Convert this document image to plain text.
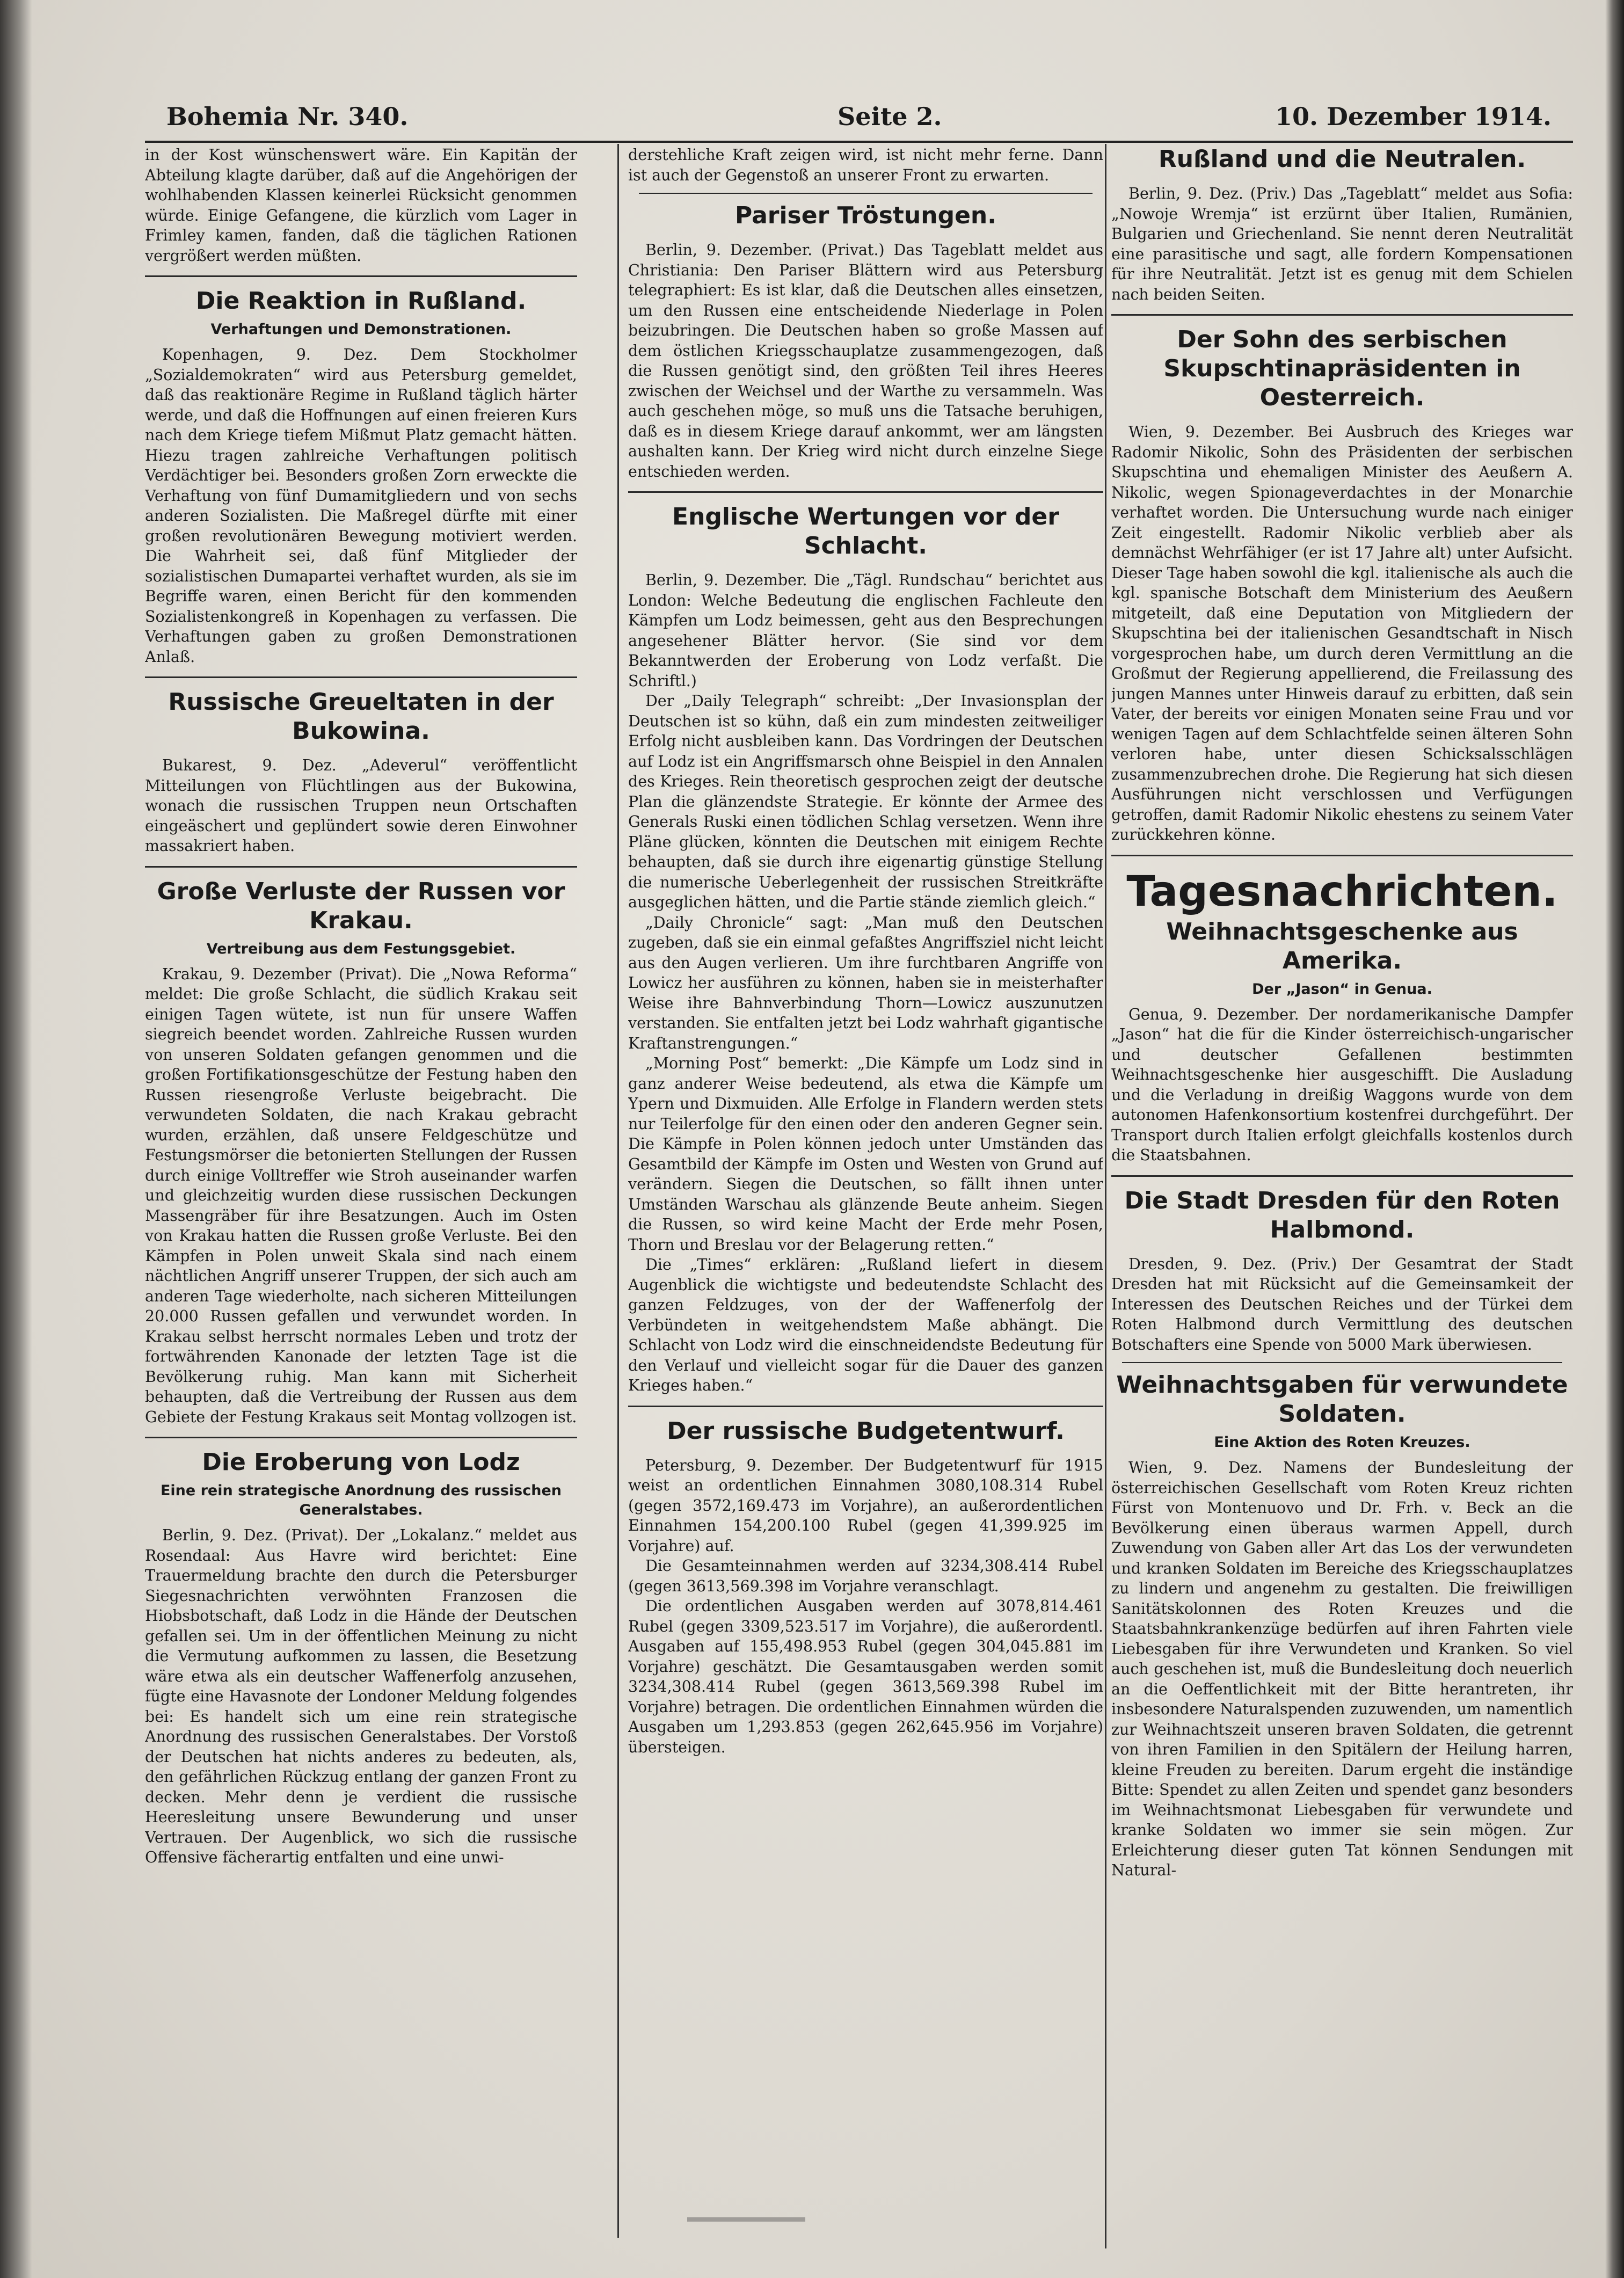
Bohemia Nr. 340.	Seite 2.	10. Dezember 1914.

in der Kost wünschenswert wäre. Ein Kapitän der Abteilung klagte darüber, daß auf die Angehörigen der wohlhabenden Klassen keinerlei Rücksicht genommen würde. Einige Gefangene, die kürzlich vom Lager in Frimley kamen, fanden, daß die täglichen Rationen vergrößert werden müßten.

Die Reaktion in Rußland.
Verhaftungen und Demonstrationen.

Kopenhagen, 9. Dez. Dem Stockholmer „Sozialdemokraten“ wird aus Petersburg gemeldet, daß das reaktionäre Regime in Rußland täglich härter werde, und daß die Hoffnungen auf einen freieren Kurs nach dem Kriege tiefem Mißmut Platz gemacht hätten. Hiezu tragen zahlreiche Verhaftungen politisch Verdächtiger bei. Besonders großen Zorn erweckte die Verhaftung von fünf Dumamitgliedern und von sechs anderen Sozialisten. Die Maßregel dürfte mit einer großen revolutionären Bewegung motiviert werden. Die Wahrheit sei, daß fünf Mitglieder der sozialistischen Dumapartei verhaftet wurden, als sie im Begriffe waren, einen Bericht für den kommenden Sozialistenkongreß in Kopenhagen zu verfassen. Die Verhaftungen gaben zu großen Demonstrationen Anlaß.

Russische Greueltaten in der Bukowina.

Bukarest, 9. Dez. „Adeverul“ veröffentlicht Mitteilungen von Flüchtlingen aus der Bukowina, wonach die russischen Truppen neun Ortschaften eingeäschert und geplündert sowie deren Einwohner massakriert haben.

Große Verluste der Russen vor Krakau.
Vertreibung aus dem Festungsgebiet.

Krakau, 9. Dezember (Privat). Die „Nowa Reforma“ meldet: Die große Schlacht, die südlich Krakau seit einigen Tagen wütete, ist nun für unsere Waffen siegreich beendet worden. Zahlreiche Russen wurden von unseren Soldaten gefangen genommen und die großen Fortifikationsgeschütze der Festung haben den Russen riesengroße Verluste beigebracht. Die verwundeten Soldaten, die nach Krakau gebracht wurden, erzählen, daß unsere Feldgeschütze und Festungsmörser die betonierten Stellungen der Russen durch einige Volltreffer wie Stroh auseinander warfen und gleichzeitig wurden diese russischen Deckungen Massengräber für ihre Besatzungen. Auch im Osten von Krakau hatten die Russen große Verluste. Bei den Kämpfen in Polen unweit Skala sind nach einem nächtlichen Angriff unserer Truppen, der sich auch am anderen Tage wiederholte, nach sicheren Mitteilungen 20.000 Russen gefallen und verwundet worden. In Krakau selbst herrscht normales Leben und trotz der fortwährenden Kanonade der letzten Tage ist die Bevölkerung ruhig. Man kann mit Sicherheit behaupten, daß die Vertreibung der Russen aus dem Gebiete der Festung Krakaus seit Montag vollzogen ist.

Die Eroberung von Lodz
Eine rein strategische Anordnung des russischen Generalstabes.

Berlin, 9. Dez. (Privat). Der „Lokalanz.“ meldet aus Rosendaal: Aus Havre wird berichtet: Eine Trauermeldung brachte den durch die Petersburger Siegesnachrichten verwöhnten Franzosen die Hiobsbotschaft, daß Lodz in die Hände der Deutschen gefallen sei. Um in der öffentlichen Meinung zu nicht die Vermutung aufkommen zu lassen, die Besetzung wäre etwa als ein deutscher Waffenerfolg anzusehen, fügte eine Havasnote der Londoner Meldung folgendes bei: Es handelt sich um eine rein strategische Anordnung des russischen Generalstabes. Der Vorstoß der Deutschen hat nichts anderes zu bedeuten, als, den gefährlichen Rückzug entlang der ganzen Front zu decken. Mehr denn je verdient die russische Heeresleitung unsere Bewunderung und unser Vertrauen. Der Augenblick, wo sich die russische Offensive fächerartig entfalten und eine unwi-

derstehliche Kraft zeigen wird, ist nicht mehr ferne. Dann ist auch der Gegenstoß an unserer Front zu erwarten.

Pariser Tröstungen.

Berlin, 9. Dezember. (Privat.) Das Tageblatt meldet aus Christiania: Den Pariser Blättern wird aus Petersburg telegraphiert: Es ist klar, daß die Deutschen alles einsetzen, um den Russen eine entscheidende Niederlage in Polen beizubringen. Die Deutschen haben so große Massen auf dem östlichen Kriegsschauplatze zusammengezogen, daß die Russen genötigt sind, den größten Teil ihres Heeres zwischen der Weichsel und der Warthe zu versammeln. Was auch geschehen möge, so muß uns die Tatsache beruhigen, daß es in diesem Kriege darauf ankommt, wer am längsten aushalten kann. Der Krieg wird nicht durch einzelne Siege entschieden werden.

Englische Wertungen vor der Schlacht.

Berlin, 9. Dezember. Die „Tägl. Rundschau“ berichtet aus London: Welche Bedeutung die englischen Fachleute den Kämpfen um Lodz beimessen, geht aus den Besprechungen angesehener Blätter hervor. (Sie sind vor dem Bekanntwerden der Eroberung von Lodz verfaßt. Die Schriftl.)

Der „Daily Telegraph“ schreibt: „Der Invasionsplan der Deutschen ist so kühn, daß ein zum mindesten zeitweiliger Erfolg nicht ausbleiben kann. Das Vordringen der Deutschen auf Lodz ist ein Angriffsmarsch ohne Beispiel in den Annalen des Krieges. Rein theoretisch gesprochen zeigt der deutsche Plan die glänzendste Strategie. Er könnte der Armee des Generals Ruski einen tödlichen Schlag versetzen. Wenn ihre Pläne glücken, könnten die Deutschen mit einigem Rechte behaupten, daß sie durch ihre eigenartig günstige Stellung die numerische Ueberlegenheit der russischen Streitkräfte ausgeglichen hätten, und die Partie stände ziemlich gleich.“

„Daily Chronicle“ sagt: „Man muß den Deutschen zugeben, daß sie ein einmal gefaßtes Angriffsziel nicht leicht aus den Augen verlieren. Um ihre furchtbaren Angriffe von Lowicz her ausführen zu können, haben sie in meisterhafter Weise ihre Bahnverbindung Thorn—Lowicz auszunutzen verstanden. Sie entfalten jetzt bei Lodz wahrhaft gigantische Kraftanstrengungen.“

„Morning Post“ bemerkt: „Die Kämpfe um Lodz sind in ganz anderer Weise bedeutend, als etwa die Kämpfe um Ypern und Dixmuiden. Alle Erfolge in Flandern werden stets nur Teilerfolge für den einen oder den anderen Gegner sein. Die Kämpfe in Polen können jedoch unter Umständen das Gesamtbild der Kämpfe im Osten und Westen von Grund auf verändern. Siegen die Deutschen, so fällt ihnen unter Umständen Warschau als glänzende Beute anheim. Siegen die Russen, so wird keine Macht der Erde mehr Posen, Thorn und Breslau vor der Belagerung retten.“

Die „Times“ erklären: „Rußland liefert in diesem Augenblick die wichtigste und bedeutendste Schlacht des ganzen Feldzuges, von der der Waffenerfolg der Verbündeten in weitgehendstem Maße abhängt. Die Schlacht von Lodz wird die einschneidendste Bedeutung für den Verlauf und vielleicht sogar für die Dauer des ganzen Krieges haben.“

Der russische Budgetentwurf.

Petersburg, 9. Dezember. Der Budgetentwurf für 1915 weist an ordentlichen Einnahmen 3080,108.314 Rubel (gegen 3572,169.473 im Vorjahre), an außerordentlichen Einnahmen 154,200.100 Rubel (gegen 41,399.925 im Vorjahre) auf.

Die Gesamteinnahmen werden auf 3234,308.414 Rubel (gegen 3613,569.398 im Vorjahre veranschlagt.

Die ordentlichen Ausgaben werden auf 3078,814.461 Rubel (gegen 3309,523.517 im Vorjahre), die außerordentl. Ausgaben auf 155,498.953 Rubel (gegen 304,045.881 im Vorjahre) geschätzt. Die Gesamtausgaben werden somit 3234,308.414 Rubel (gegen 3613,569.398 Rubel im Vorjahre) betragen. Die ordentlichen Einnahmen würden die Ausgaben um 1,293.853 (gegen 262,645.956 im Vorjahre) übersteigen.

Rußland und die Neutralen.

Berlin, 9. Dez. (Priv.) Das „Tageblatt“ meldet aus Sofia: „Nowoje Wremja“ ist erzürnt über Italien, Rumänien, Bulgarien und Griechenland. Sie nennt deren Neutralität eine parasitische und sagt, alle fordern Kompensationen für ihre Neutralität. Jetzt ist es genug mit dem Schielen nach beiden Seiten.

Der Sohn des serbischen Skupschtinapräsidenten in Oesterreich.

Wien, 9. Dezember. Bei Ausbruch des Krieges war Radomir Nikolic, Sohn des Präsidenten der serbischen Skupschtina und ehemaligen Minister des Aeußern A. Nikolic, wegen Spionageverdachtes in der Monarchie verhaftet worden. Die Untersuchung wurde nach einiger Zeit eingestellt. Radomir Nikolic verblieb aber als demnächst Wehrfähiger (er ist 17 Jahre alt) unter Aufsicht. Dieser Tage haben sowohl die kgl. italienische als auch die kgl. spanische Botschaft dem Ministerium des Aeußern mitgeteilt, daß eine Deputation von Mitgliedern der Skupschtina bei der italienischen Gesandtschaft in Nisch vorgesprochen habe, um durch deren Vermittlung an die Großmut der Regierung appellierend, die Freilassung des jungen Mannes unter Hinweis darauf zu erbitten, daß sein Vater, der bereits vor einigen Monaten seine Frau und vor wenigen Tagen auf dem Schlachtfelde seinen älteren Sohn verloren habe, unter diesen Schicksalsschlägen zusammenzubrechen drohe. Die Regierung hat sich diesen Ausführungen nicht verschlossen und Verfügungen getroffen, damit Radomir Nikolic ehestens zu seinem Vater zurückkehren könne.

Tagesnachrichten.
Weihnachtsgeschenke aus Amerika.
Der „Jason“ in Genua.

Genua, 9. Dezember. Der nordamerikanische Dampfer „Jason“ hat die für die Kinder österreichisch-ungarischer und deutscher Gefallenen bestimmten Weihnachtsgeschenke hier ausgeschifft. Die Ausladung und die Verladung in dreißig Waggons wurde von dem autonomen Hafenkonsortium kostenfrei durchgeführt. Der Transport durch Italien erfolgt gleichfalls kostenlos durch die Staatsbahnen.

Die Stadt Dresden für den Roten Halbmond.

Dresden, 9. Dez. (Priv.) Der Gesamtrat der Stadt Dresden hat mit Rücksicht auf die Gemeinsamkeit der Interessen des Deutschen Reiches und der Türkei dem Roten Halbmond durch Vermittlung des deutschen Botschafters eine Spende von 5000 Mark überwiesen.

Weihnachtsgaben für verwundete Soldaten.
Eine Aktion des Roten Kreuzes.

Wien, 9. Dez. Namens der Bundesleitung der österreichischen Gesellschaft vom Roten Kreuz richten Fürst von Montenuovo und Dr. Frh. v. Beck an die Bevölkerung einen überaus warmen Appell, durch Zuwendung von Gaben aller Art das Los der verwundeten und kranken Soldaten im Bereiche des Kriegsschauplatzes zu lindern und angenehm zu gestalten. Die freiwilligen Sanitätskolonnen des Roten Kreuzes und die Staatsbahnkrankenzüge bedürfen auf ihren Fahrten viele Liebesgaben für ihre Verwundeten und Kranken. So viel auch geschehen ist, muß die Bundesleitung doch neuerlich an die Oeffentlichkeit mit der Bitte herantreten, ihr insbesondere Naturalspenden zuzuwenden, um namentlich zur Weihnachtszeit unseren braven Soldaten, die getrennt von ihren Familien in den Spitälern der Heilung harren, kleine Freuden zu bereiten. Darum ergeht die inständige Bitte: Spendet zu allen Zeiten und spendet ganz besonders im Weihnachtsmonat Liebesgaben für verwundete und kranke Soldaten wo immer sie sein mögen. Zur Erleichterung dieser guten Tat können Sendungen mit Natural-
